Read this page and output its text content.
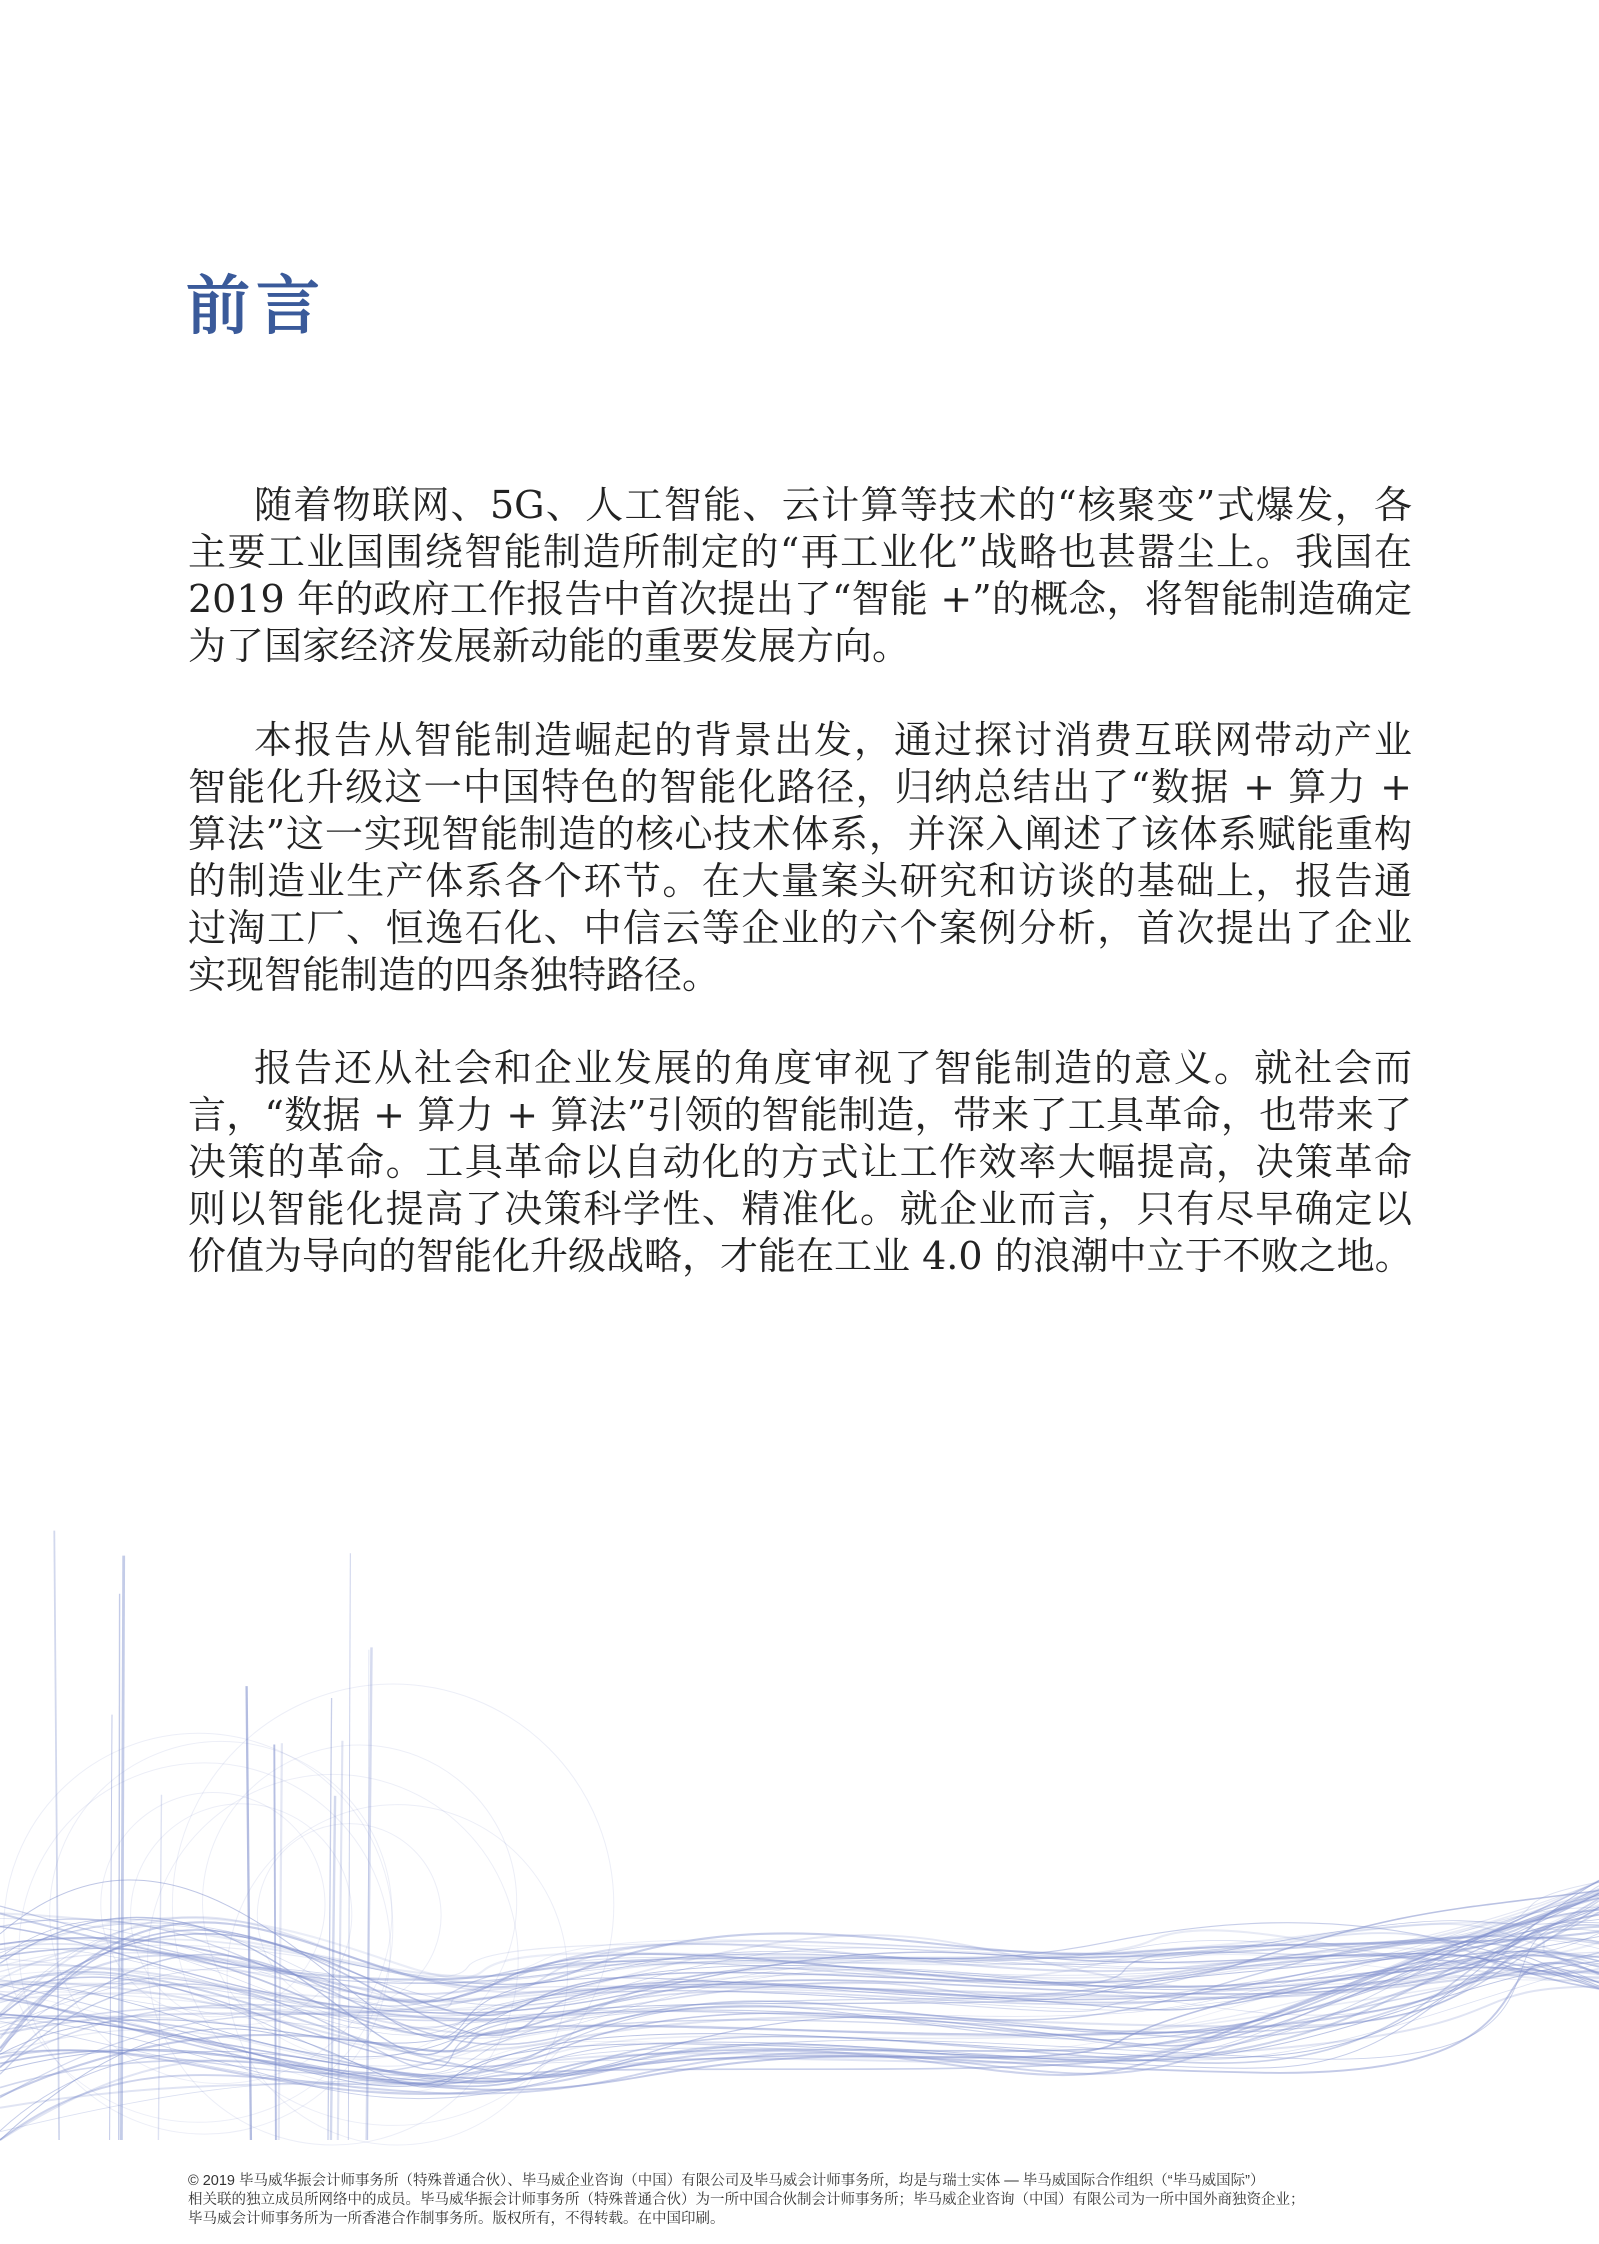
前言
随着物联网、5G、人工智能、云计算等技术的“核聚变”式爆发，各
主要工业国围绕智能制造所制定的“再工业化”战略也甚嚣尘上。我国在
2019 年的政府工作报告中首次提出了“智能 +”的概念，将智能制造确定
为了国家经济发展新动能的重要发展方向。
本报告从智能制造崛起的背景出发，通过探讨消费互联网带动产业
智能化升级这一中国特色的智能化路径，归纳总结出了“数据 + 算力 +
算法”这一实现智能制造的核心技术体系，并深入阐述了该体系赋能重构
的制造业生产体系各个环节。在大量案头研究和访谈的基础上，报告通
过淘工厂、恒逸石化、中信云等企业的六个案例分析，首次提出了企业
实现智能制造的四条独特路径。
报告还从社会和企业发展的角度审视了智能制造的意义。就社会而
言，“数据 + 算力 + 算法”引领的智能制造，带来了工具革命，也带来了
决策的革命。工具革命以自动化的方式让工作效率大幅提高，决策革命
则以智能化提高了决策科学性、精准化。就企业而言，只有尽早确定以
价值为导向的智能化升级战略，才能在工业 4.0 的浪潮中立于不败之地。
© 2019 毕马威华振会计师事务所（特殊普通合伙）、毕马威企业咨询（中国）有限公司及毕马威会计师事务所，均是与瑞士实体 — 毕马威国际合作组织（“毕马威国际”）
相关联的独立成员所网络中的成员。毕马威华振会计师事务所（特殊普通合伙）为一所中国合伙制会计师事务所；毕马威企业咨询（中国）有限公司为一所中国外商独资企业；
毕马威会计师事务所为一所香港合作制事务所。版权所有，不得转载。在中国印刷。
